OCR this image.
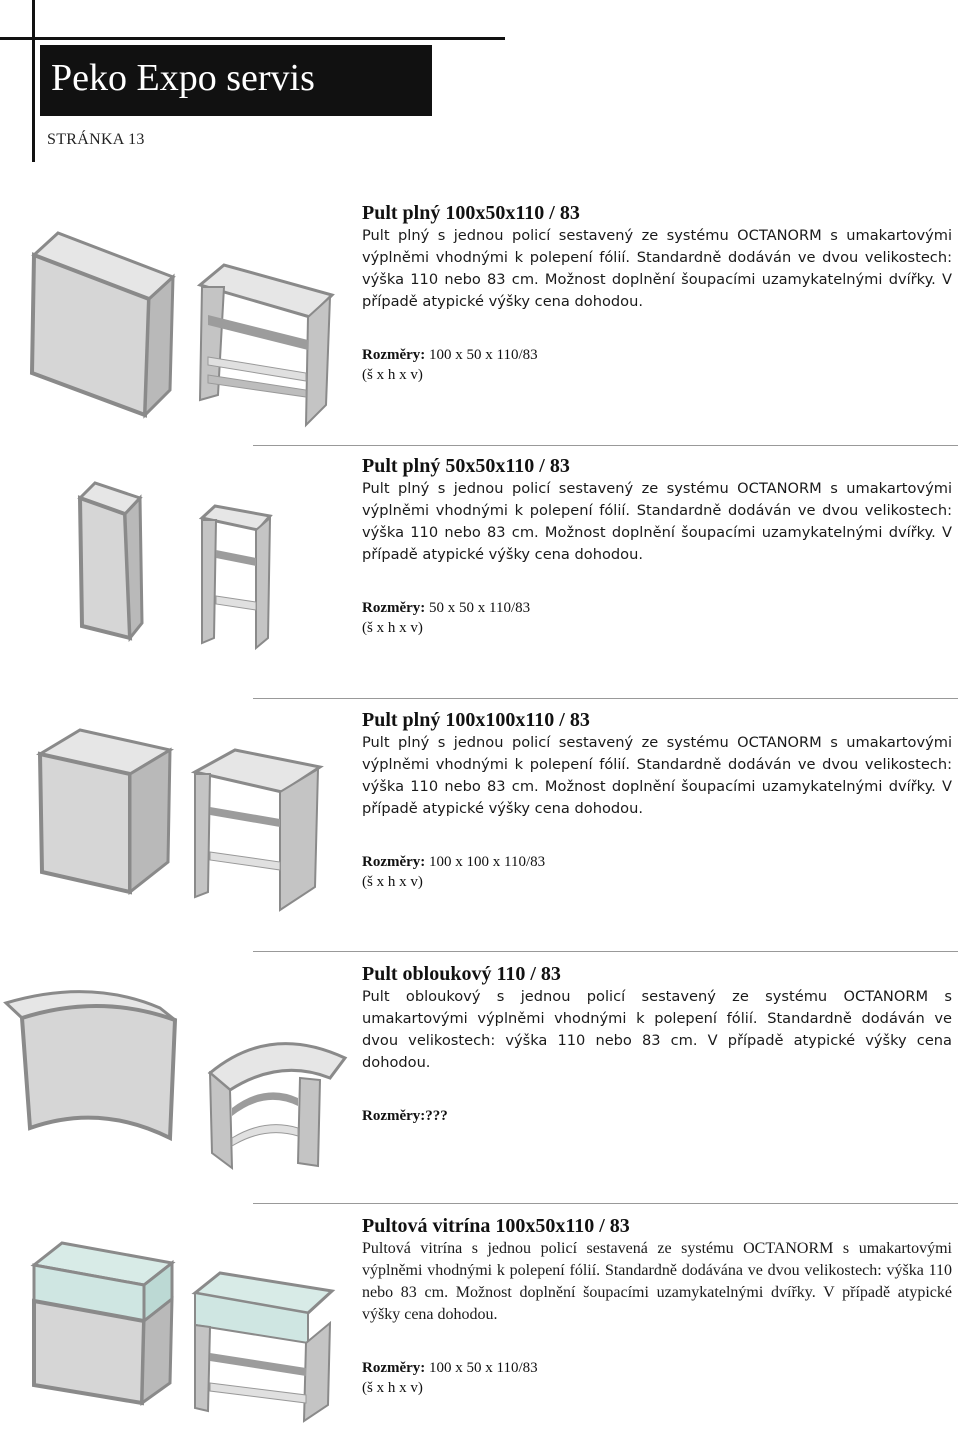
Peko Expo servis
STRÁNKA 13

Pult plný 100x50x110 / 83

Pult plný s jednou policí sestavený ze systému OCTANORM s umakartovými výplněmi vhodnými k polepení fólií. Standardně dodáván ve dvou velikostech: výška 110 nebo 83 cm. Možnost doplnění šoupacími uzamykatelnými dvířky. V případě atypické výšky cena dohodou.

Rozměry: 100 x 50 x 110/83
(š x h x v)

Pult plný 50x50x110 / 83

Pult plný s jednou policí sestavený ze systému OCTANORM s umakartovými výplněmi vhodnými k polepení fólií. Standardně dodáván ve dvou velikostech: výška 110 nebo 83 cm. Možnost doplnění šoupacími uzamykatelnými dvířky. V případě atypické výšky cena dohodou.

Rozměry: 50 x 50 x 110/83
(š x h x v)

Pult plný 100x100x110 / 83

Pult plný s jednou policí sestavený ze systému OCTANORM s umakartovými výplněmi vhodnými k polepení fólií. Standardně dodáván ve dvou velikostech: výška 110 nebo 83 cm. Možnost doplnění šoupacími uzamykatelnými dvířky. V případě atypické výšky cena dohodou.

Rozměry: 100 x 100 x 110/83
(š x h x v)

Pult obloukový 110 / 83

Pult obloukový s jednou policí sestavený ze systému OCTANORM s umakartovými výplněmi vhodnými k polepení fólií. Standardně dodáván ve dvou velikostech: výška 110 nebo 83 cm. V případě atypické výšky cena dohodou.

Rozměry:???

Pultová vitrína 100x50x110 / 83

Pultová vitrína s jednou policí sestavená ze systému OCTANORM s umakartovými výplněmi vhodnými k polepení fólií. Standardně dodávána ve dvou velikostech: výška 110 nebo 83 cm. Možnost doplnění šoupacími uzamykatelnými dvířky. V případě atypické výšky cena dohodou.

Rozměry: 100 x 50 x 110/83
(š x h x v)
